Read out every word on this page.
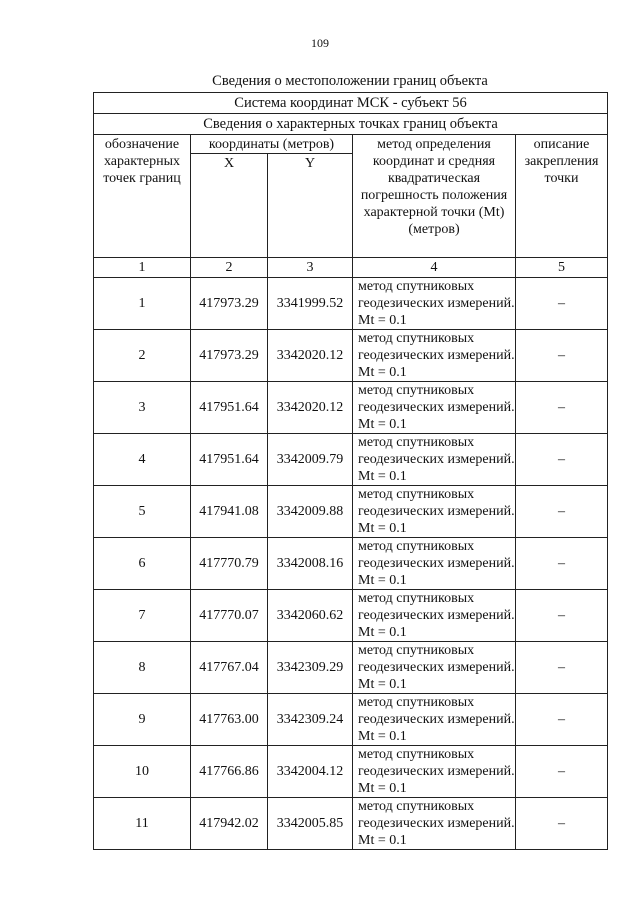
109
Сведения о местоположении границ объекта
Система координат МСК - субъект 56				
Сведения о характерных точках границ объекта				
обозначение характерных точек границ	координаты (метров)		метод определения координат и средняя квадратическая погрешность положения характерной точки (Mt) (метров)	описание закрепления точки
	X	Y		
1	2	3	4	5
1	417973.29	3341999.52	метод спутниковых геодезических измерений. Mt = 0.1	–
2	417973.29	3342020.12	метод спутниковых геодезических измерений. Mt = 0.1	–
3	417951.64	3342020.12	метод спутниковых геодезических измерений. Mt = 0.1	–
4	417951.64	3342009.79	метод спутниковых геодезических измерений. Mt = 0.1	–
5	417941.08	3342009.88	метод спутниковых геодезических измерений. Mt = 0.1	–
6	417770.79	3342008.16	метод спутниковых геодезических измерений. Mt = 0.1	–
7	417770.07	3342060.62	метод спутниковых геодезических измерений. Mt = 0.1	–
8	417767.04	3342309.29	метод спутниковых геодезических измерений. Mt = 0.1	–
9	417763.00	3342309.24	метод спутниковых геодезических измерений. Mt = 0.1	–
10	417766.86	3342004.12	метод спутниковых геодезических измерений. Mt = 0.1	–
11	417942.02	3342005.85	метод спутниковых геодезических измерений. Mt = 0.1	–
